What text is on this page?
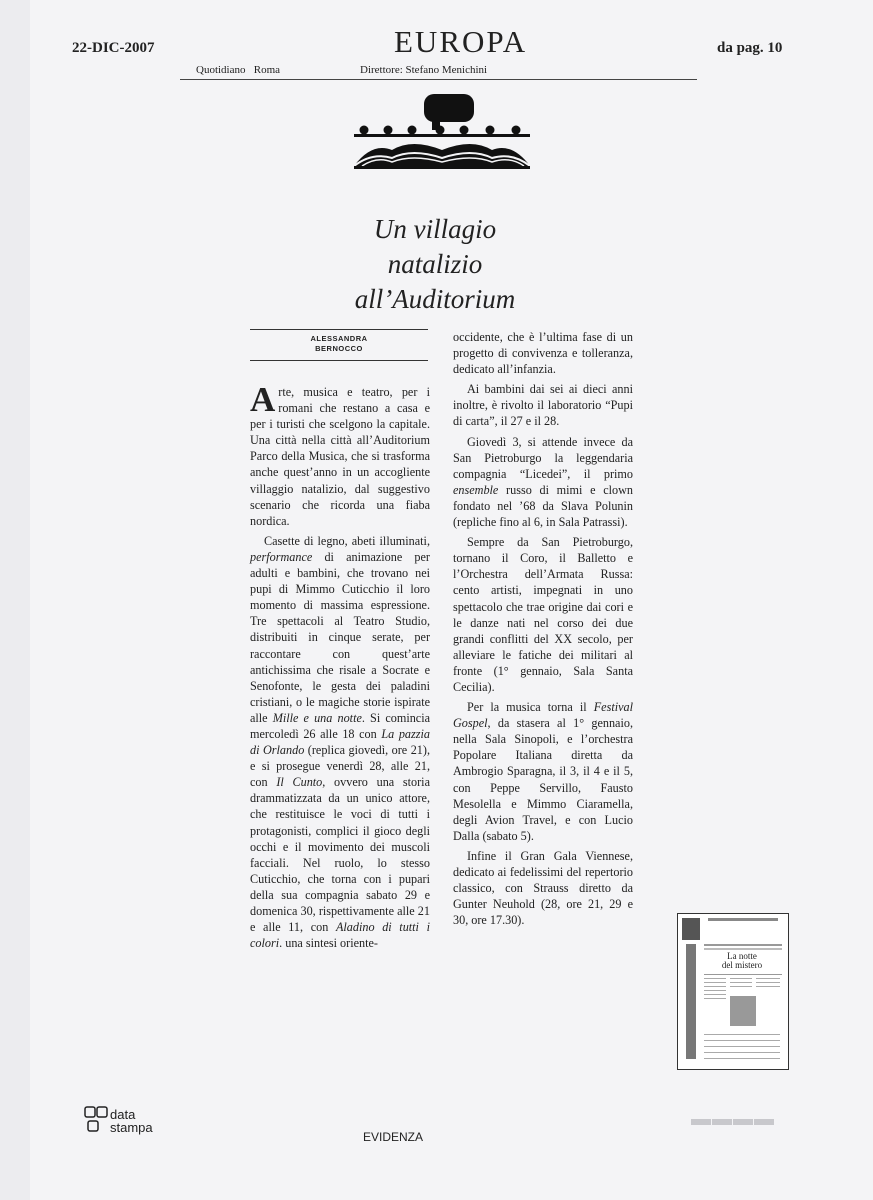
22-DIC-2007	EUROPA	da pag. 10
Quotidiano Roma	Direttore: Stefano Menichini
Un villagio
natalizio
all’Auditorium
ALESSANDRA
BERNOCCO

Arte, musica e teatro, per i romani che restano a casa e per i turisti che scelgono la capitale. Una città nella città all’Auditorium Parco della Musica, che si trasforma anche quest’anno in un accogliente villaggio natalizio, dal suggestivo scenario che ricorda una fiaba nordica.

Casette di legno, abeti illuminati, performance di animazione per adulti e bambini, che trovano nei pupi di Mimmo Cuticchio il loro momento di massima espressione. Tre spettacoli al Teatro Studio, distribuiti in cinque serate, per raccontare con quest’arte antichissima che risale a Socrate e Senofonte, le gesta dei paladini cristiani, o le magiche storie ispirate alle Mille e una notte. Si comincia mercoledì 26 alle 18 con La pazzia di Orlando (replica giovedì, ore 21), e si prosegue venerdì 28, alle 21, con Il Cunto, ovvero una storia drammatizzata da un unico attore, che restituisce le voci di tutti i protagonisti, complici il gioco degli occhi e il movimento dei muscoli facciali. Nel ruolo, lo stesso Cuticchio, che torna con i pupari della sua compagnia sabato 29 e domenica 30, rispettivamente alle 21 e alle 11, con Aladino di tutti i colori. una sintesi oriente-

occidente, che è l’ultima fase di un progetto di convivenza e tolleranza, dedicato all’infanzia.

Ai bambini dai sei ai dieci anni inoltre, è rivolto il laboratorio “Pupi di carta”, il 27 e il 28.

Giovedì 3, si attende invece da San Pietroburgo la leggendaria compagnia “Licedei”, il primo ensemble russo di mimi e clown fondato nel ’68 da Slava Polunin (repliche fino al 6, in Sala Patrassi).

Sempre da San Pietroburgo, tornano il Coro, il Balletto e l’Orchestra dell’Armata Russa: cento artisti, impegnati in uno spettacolo che trae origine dai cori e le danze nati nel corso dei due grandi conflitti del XX secolo, per alleviare le fatiche dei militari al fronte (1° gennaio, Sala Santa Cecilia).

Per la musica torna il Festival Gospel, da stasera al 1° gennaio, nella Sala Sinopoli, e l’orchestra Popolare Italiana diretta da Ambrogio Sparagna, il 3, il 4 e il 5, con Peppe Servillo, Fausto Mesolella e Mimmo Ciaramella, degli Avion Travel, e con Lucio Dalla (sabato 5).

Infine il Gran Gala Viennese, dedicato ai fedelissimi del repertorio classico, con Strauss diretto da Gunter Neuhold (28, ore 21, 29 e 30, ore 17.30).

La notte
del mistero
data
stampa
EVIDENZA
▬▬▬▬
